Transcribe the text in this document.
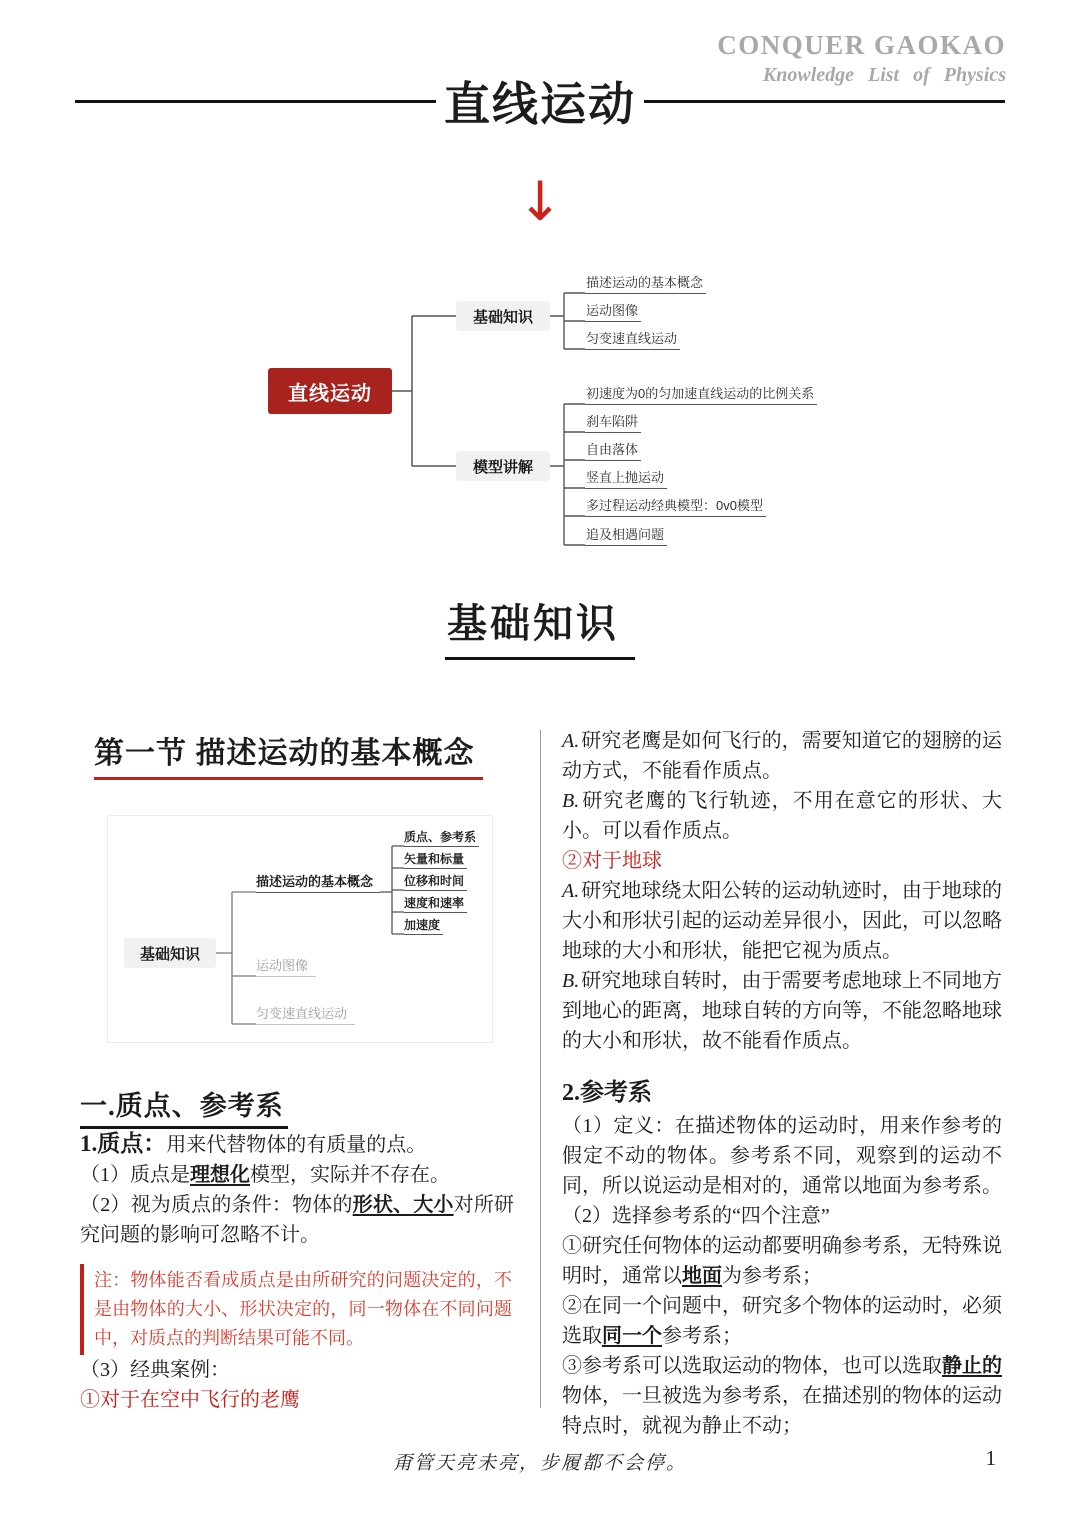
CONQUER GAOKAO
Knowledge List of Physics
直线运动
↓
直线运动
基础知识
模型讲解
描述运动的基本概念
运动图像
匀变速直线运动
初速度为0的匀加速直线运动的比例关系
刹车陷阱
自由落体
竖直上抛运动
多过程运动经典模型：0v0模型
追及相遇问题
基础知识
第一节 描述运动的基本概念
基础知识
描述运动的基本概念
质点、参考系
矢量和标量
位移和时间
速度和速率
加速度
运动图像
匀变速直线运动
一.质点、参考系

1.质点：用来代替物体的有质量的点。

（1）质点是理想化模型，实际并不存在。

（2）视为质点的条件：物体的形状、大小对所研究问题的影响可忽略不计。

注：物体能否看成质点是由所研究的问题决定的，不是由物体的大小、形状决定的，同一物体在不同问题中，对质点的判断结果可能不同。

（3）经典案例：

①对于在空中飞行的老鹰

A. 研究老鹰是如何飞行的，需要知道它的翅膀的运动方式，不能看作质点。

B. 研究老鹰的飞行轨迹，不用在意它的形状、大小。可以看作质点。

②对于地球

A. 研究地球绕太阳公转的运动轨迹时，由于地球的大小和形状引起的运动差异很小，因此，可以忽略地球的大小和形状，能把它视为质点。

B. 研究地球自转时，由于需要考虑地球上不同地方到地心的距离，地球自转的方向等，不能忽略地球的大小和形状，故不能看作质点。

2.参考系

（1）定义：在描述物体的运动时，用来作参考的假定不动的物体。参考系不同，观察到的运动不同，所以说运动是相对的，通常以地面为参考系。

（2）选择参考系的“四个注意”

①研究任何物体的运动都要明确参考系，无特殊说明时，通常以地面为参考系；

②在同一个问题中，研究多个物体的运动时，必须选取同一个参考系；

③参考系可以选取运动的物体，也可以选取静止的物体，一旦被选为参考系，在描述别的物体的运动特点时，就视为静止不动；

甭管天亮未亮，步履都不会停。	1
